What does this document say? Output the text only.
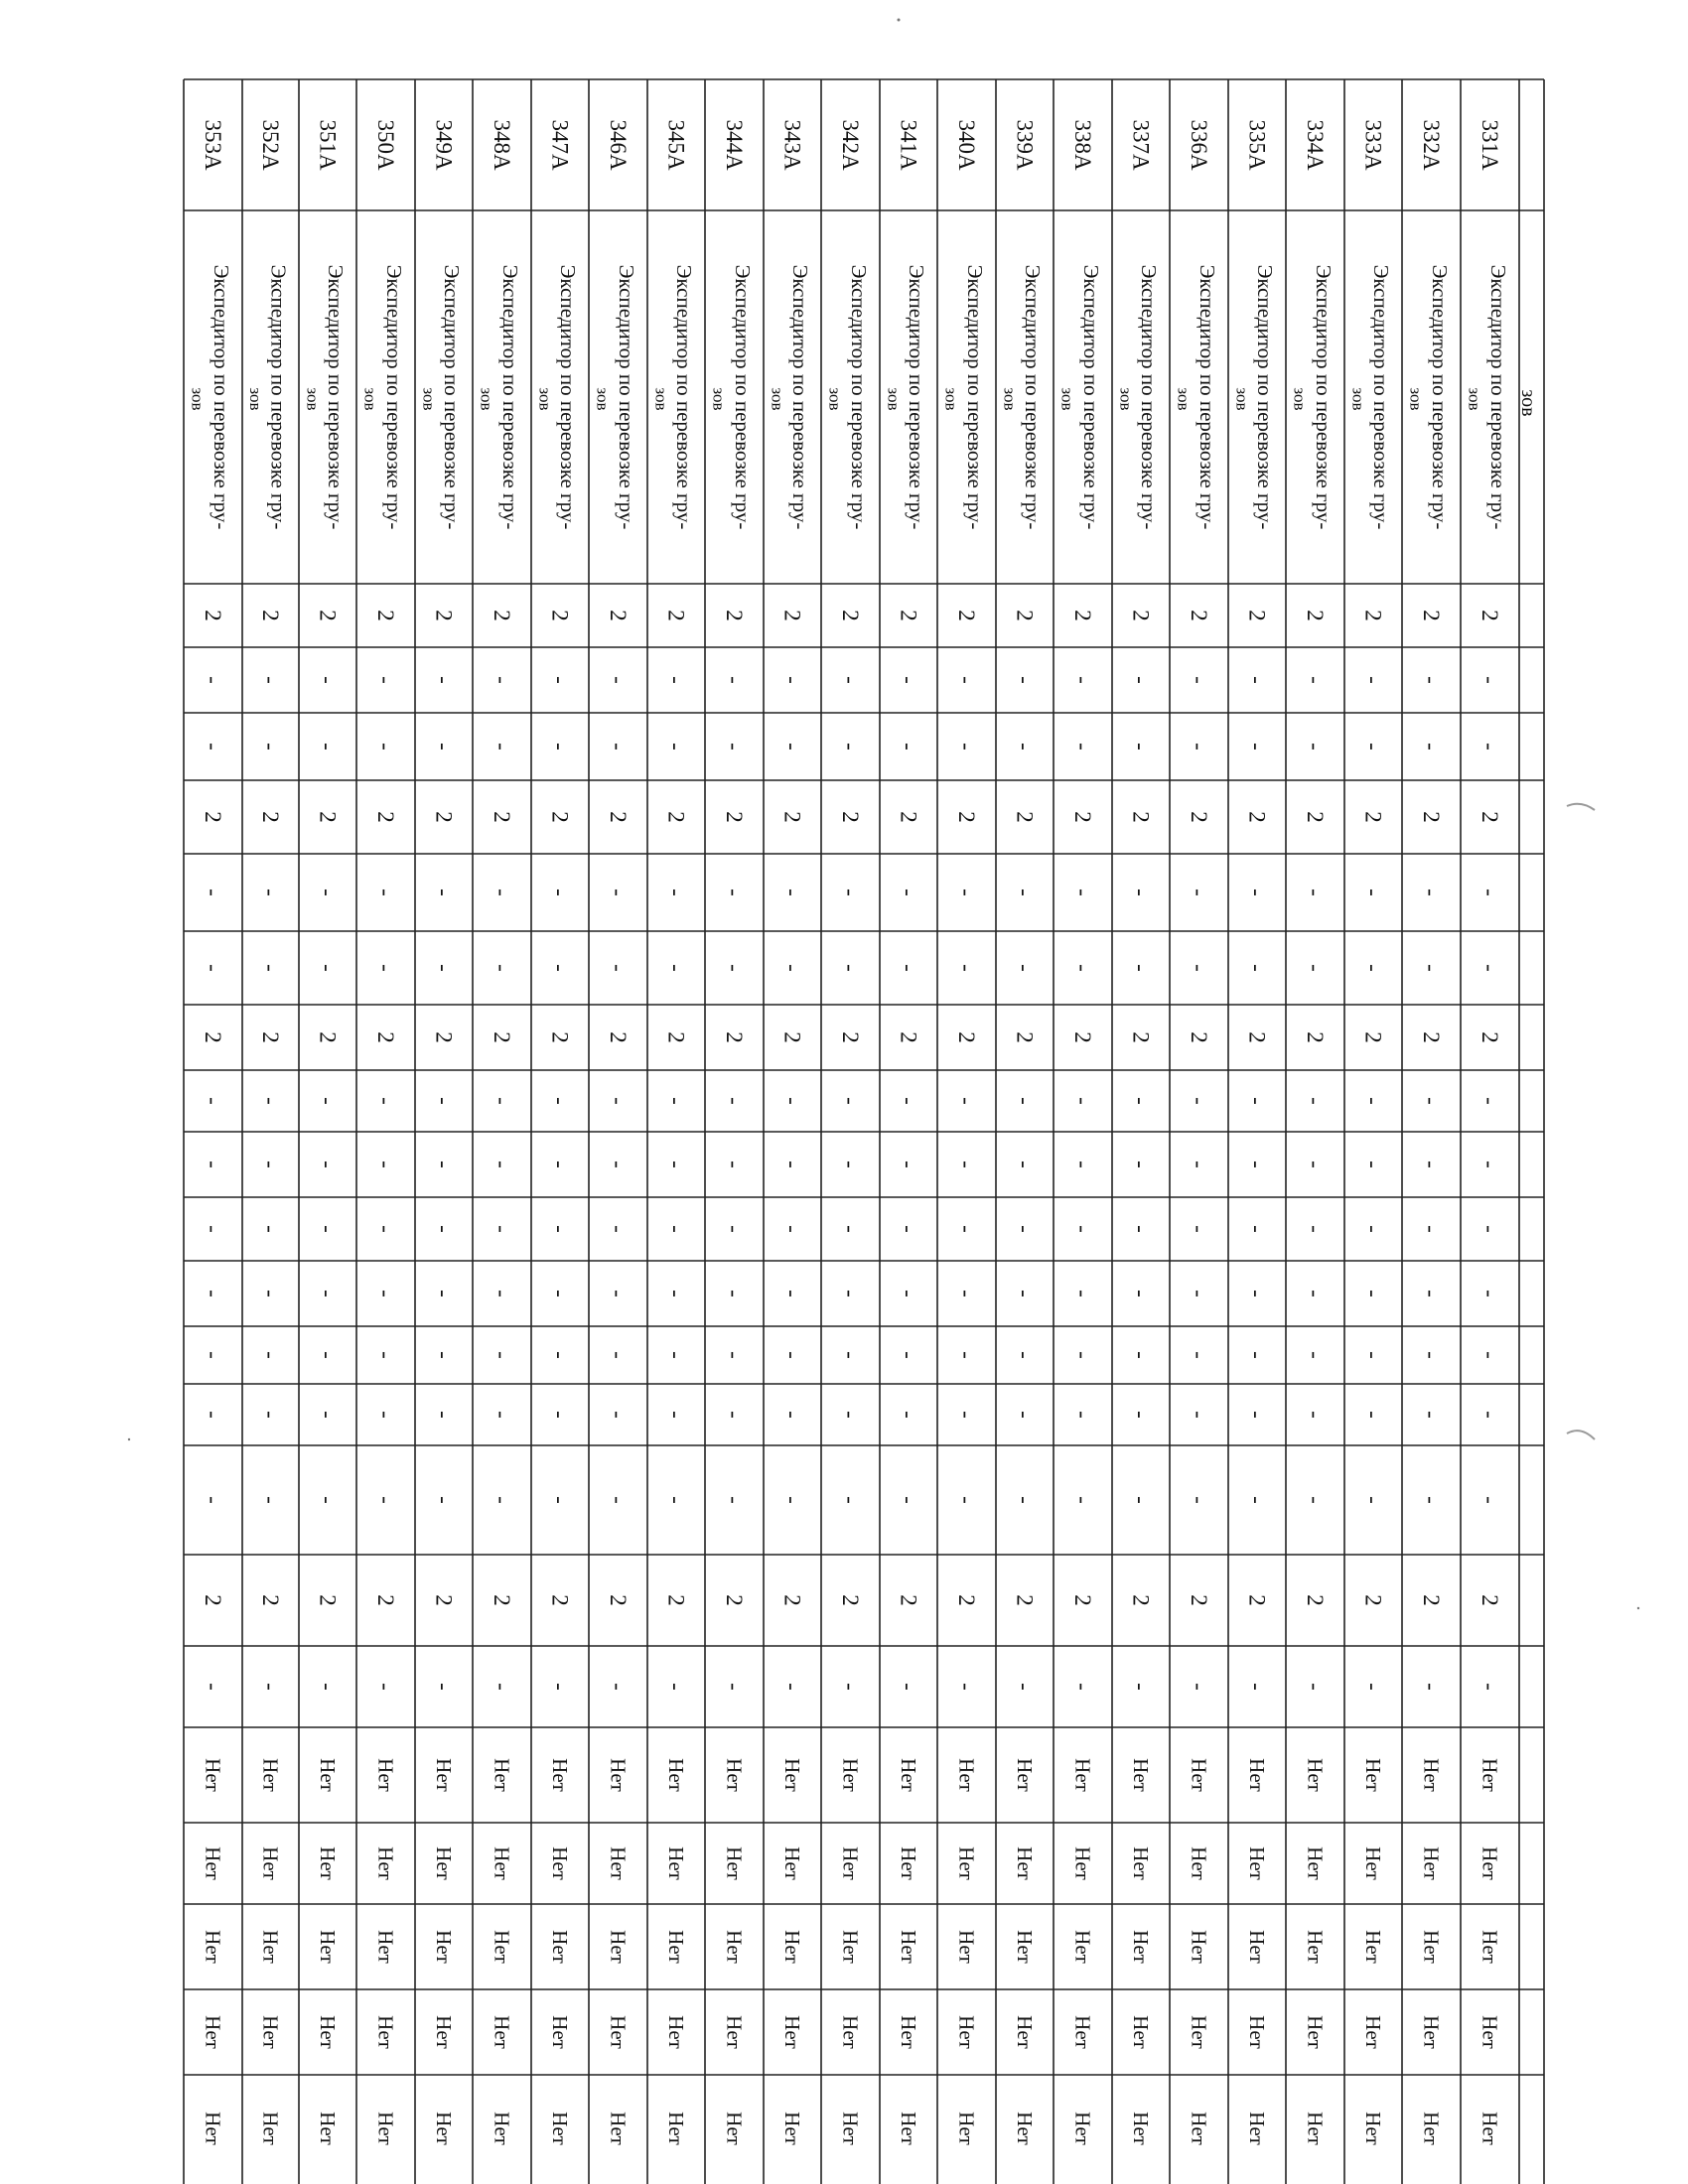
зов
331А
Экспедитор по перевозке гру-
зов
2
-
-
2
-
-
2
-
-
-
-
-
-
-
2
-
Нет
Нет
Нет
Нет
Нет
332А
Экспедитор по перевозке гру-
зов
2
-
-
2
-
-
2
-
-
-
-
-
-
-
2
-
Нет
Нет
Нет
Нет
Нет
333А
Экспедитор по перевозке гру-
зов
2
-
-
2
-
-
2
-
-
-
-
-
-
-
2
-
Нет
Нет
Нет
Нет
Нет
334А
Экспедитор по перевозке гру-
зов
2
-
-
2
-
-
2
-
-
-
-
-
-
-
2
-
Нет
Нет
Нет
Нет
Нет
335А
Экспедитор по перевозке гру-
зов
2
-
-
2
-
-
2
-
-
-
-
-
-
-
2
-
Нет
Нет
Нет
Нет
Нет
336А
Экспедитор по перевозке гру-
зов
2
-
-
2
-
-
2
-
-
-
-
-
-
-
2
-
Нет
Нет
Нет
Нет
Нет
337А
Экспедитор по перевозке гру-
зов
2
-
-
2
-
-
2
-
-
-
-
-
-
-
2
-
Нет
Нет
Нет
Нет
Нет
338А
Экспедитор по перевозке гру-
зов
2
-
-
2
-
-
2
-
-
-
-
-
-
-
2
-
Нет
Нет
Нет
Нет
Нет
339А
Экспедитор по перевозке гру-
зов
2
-
-
2
-
-
2
-
-
-
-
-
-
-
2
-
Нет
Нет
Нет
Нет
Нет
340А
Экспедитор по перевозке гру-
зов
2
-
-
2
-
-
2
-
-
-
-
-
-
-
2
-
Нет
Нет
Нет
Нет
Нет
341А
Экспедитор по перевозке гру-
зов
2
-
-
2
-
-
2
-
-
-
-
-
-
-
2
-
Нет
Нет
Нет
Нет
Нет
342А
Экспедитор по перевозке гру-
зов
2
-
-
2
-
-
2
-
-
-
-
-
-
-
2
-
Нет
Нет
Нет
Нет
Нет
343А
Экспедитор по перевозке гру-
зов
2
-
-
2
-
-
2
-
-
-
-
-
-
-
2
-
Нет
Нет
Нет
Нет
Нет
344А
Экспедитор по перевозке гру-
зов
2
-
-
2
-
-
2
-
-
-
-
-
-
-
2
-
Нет
Нет
Нет
Нет
Нет
345А
Экспедитор по перевозке гру-
зов
2
-
-
2
-
-
2
-
-
-
-
-
-
-
2
-
Нет
Нет
Нет
Нет
Нет
346А
Экспедитор по перевозке гру-
зов
2
-
-
2
-
-
2
-
-
-
-
-
-
-
2
-
Нет
Нет
Нет
Нет
Нет
347А
Экспедитор по перевозке гру-
зов
2
-
-
2
-
-
2
-
-
-
-
-
-
-
2
-
Нет
Нет
Нет
Нет
Нет
348А
Экспедитор по перевозке гру-
зов
2
-
-
2
-
-
2
-
-
-
-
-
-
-
2
-
Нет
Нет
Нет
Нет
Нет
349А
Экспедитор по перевозке гру-
зов
2
-
-
2
-
-
2
-
-
-
-
-
-
-
2
-
Нет
Нет
Нет
Нет
Нет
350А
Экспедитор по перевозке гру-
зов
2
-
-
2
-
-
2
-
-
-
-
-
-
-
2
-
Нет
Нет
Нет
Нет
Нет
351А
Экспедитор по перевозке гру-
зов
2
-
-
2
-
-
2
-
-
-
-
-
-
-
2
-
Нет
Нет
Нет
Нет
Нет
352А
Экспедитор по перевозке гру-
зов
2
-
-
2
-
-
2
-
-
-
-
-
-
-
2
-
Нет
Нет
Нет
Нет
Нет
353А
Экспедитор по перевозке гру-
зов
2
-
-
2
-
-
2
-
-
-
-
-
-
-
2
-
Нет
Нет
Нет
Нет
Нет
